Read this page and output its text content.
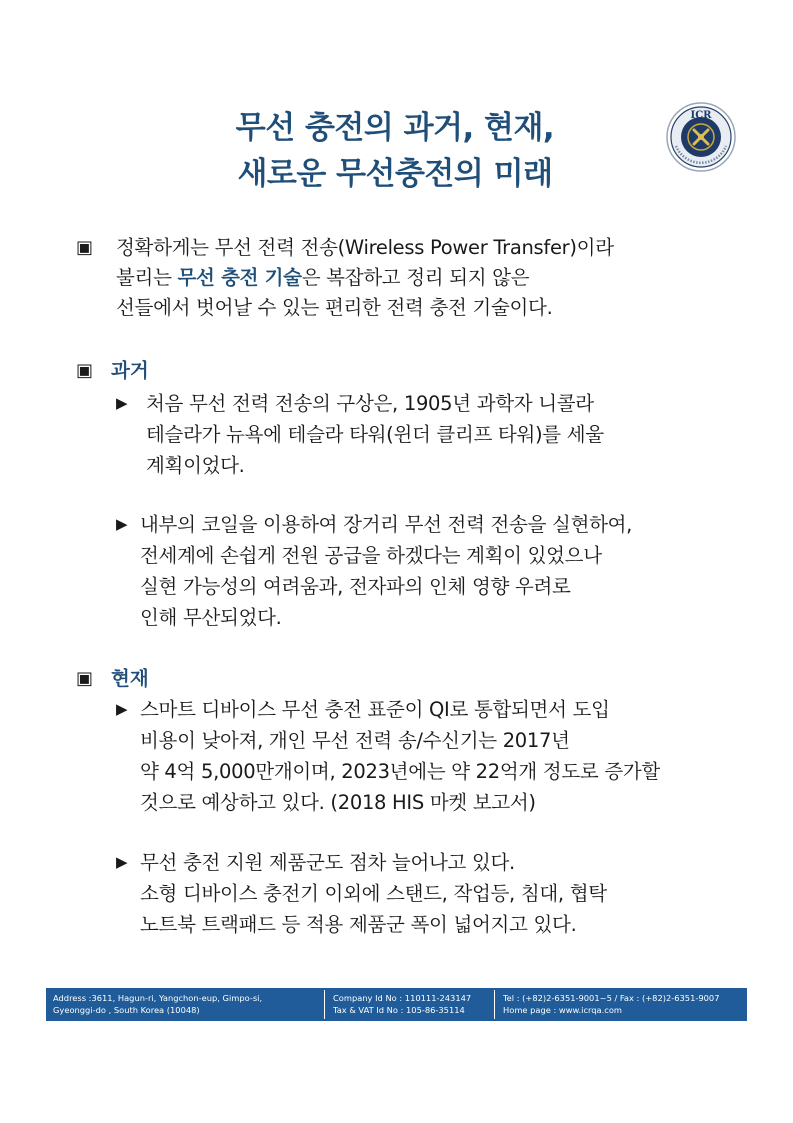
무선 충전의 과거, 현재,
새로운 무선충전의 미래
ICR
▣ 정확하게는 무선 전력 전송(Wireless Power Transfer)이라
불리는 무선 충전 기술은 복잡하고 정리 되지 않은
선들에서 벗어날 수 있는 편리한 전력 충전 기술이다.
▣ 과거
▶ 처음 무선 전력 전송의 구상은, 1905년 과학자 니콜라
테슬라가 뉴욕에 테슬라 타워(윈더 클리프 타워)를 세울
계획이었다.
▶ 내부의 코일을 이용하여 장거리 무선 전력 전송을 실현하여,
전세계에 손쉽게 전원 공급을 하겠다는 계획이 있었으나
실현 가능성의 여려움과, 전자파의 인체 영향 우려로
인해 무산되었다.
▣ 현재
▶ 스마트 디바이스 무선 충전 표준이 QI로 통합되면서 도입
비용이 낮아져, 개인 무선 전력 송/수신기는 2017년
약 4억 5,000만개이며, 2023년에는 약 22억개 정도로 증가할
것으로 예상하고 있다. (2018 HIS 마켓 보고서)
▶ 무선 충전 지원 제품군도 점차 늘어나고 있다.
소형 디바이스 충전기 이외에 스탠드, 작업등, 침대, 협탁
노트북 트랙패드 등 적용 제품군 폭이 넓어지고 있다.
Address :3611, Hagun-ri, Yangchon-eup, Gimpo-si,
Gyeonggi-do , South Korea (10048)
Company Id No : 110111-243147
Tax & VAT Id No : 105-86-35114
Tel : (+82)2-6351-9001~5 / Fax : (+82)2-6351-9007
Home page : www.icrqa.com
